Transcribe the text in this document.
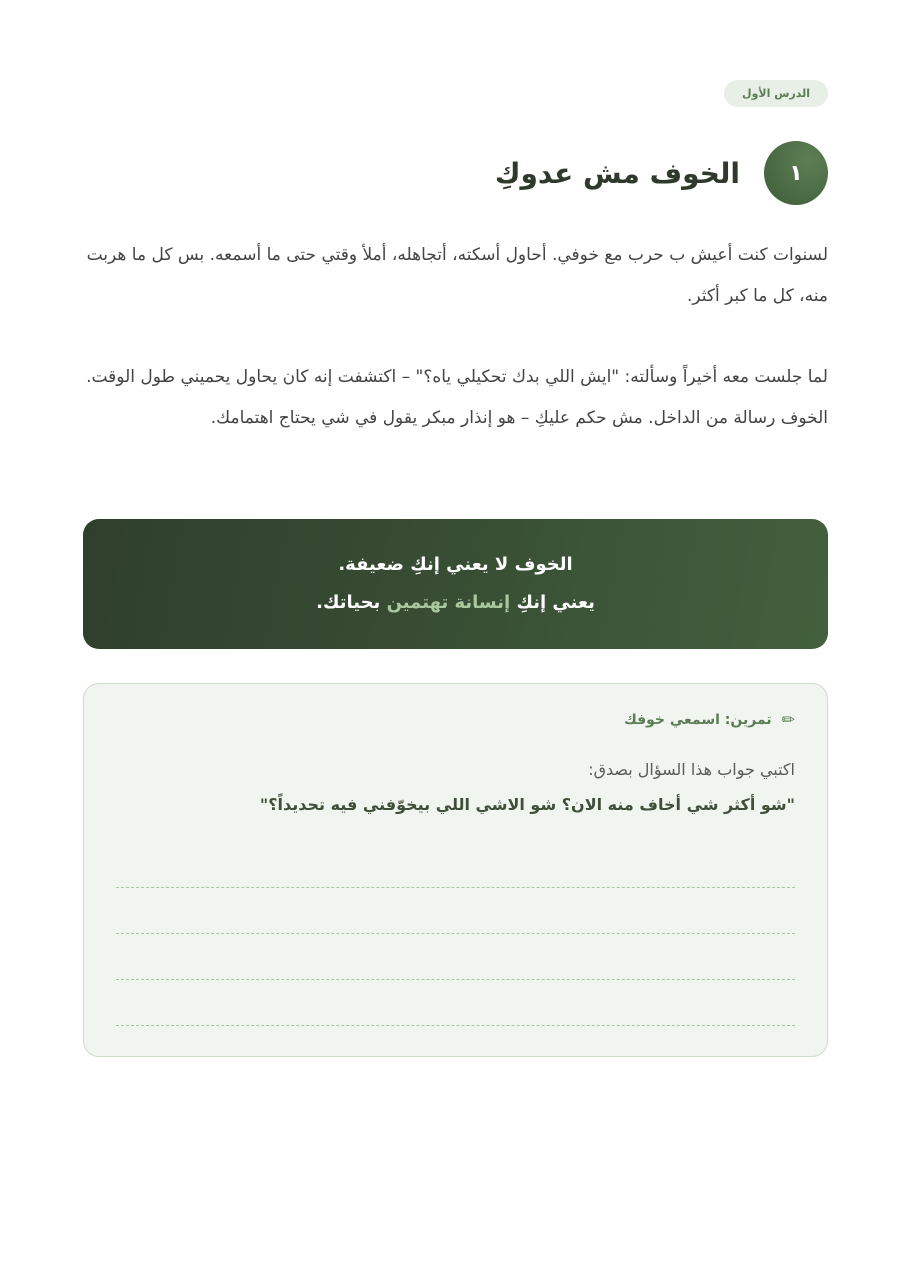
الدرس الأول
١
الخوف مش عدوكِ

لسنوات كنت أعيش ب حرب مع خوفي. أحاول أسكته، أتجاهله، أملأ وقتي حتى ما أسمعه. بس كل ما هربت منه، كل ما كبر أكثر.

لما جلست معه أخيراً وسألته: "ايش اللي بدك تحكيلي ياه؟" – اكتشفت إنه كان يحاول يحميني طول الوقت. الخوف رسالة من الداخل. مش حكم عليكِ – هو إنذار مبكر يقول في شي يحتاج اهتمامك.

الخوف لا يعني إنكِ ضعيفة.
يعني إنكِ إنسانة تهتمين بحياتك.
✏
تمرين: اسمعي خوفك
اكتبي جواب هذا السؤال بصدق:
"شو أكثر شي أخاف منه الان؟ شو الاشي اللي بيخوّفني فيه تحديداً؟"
